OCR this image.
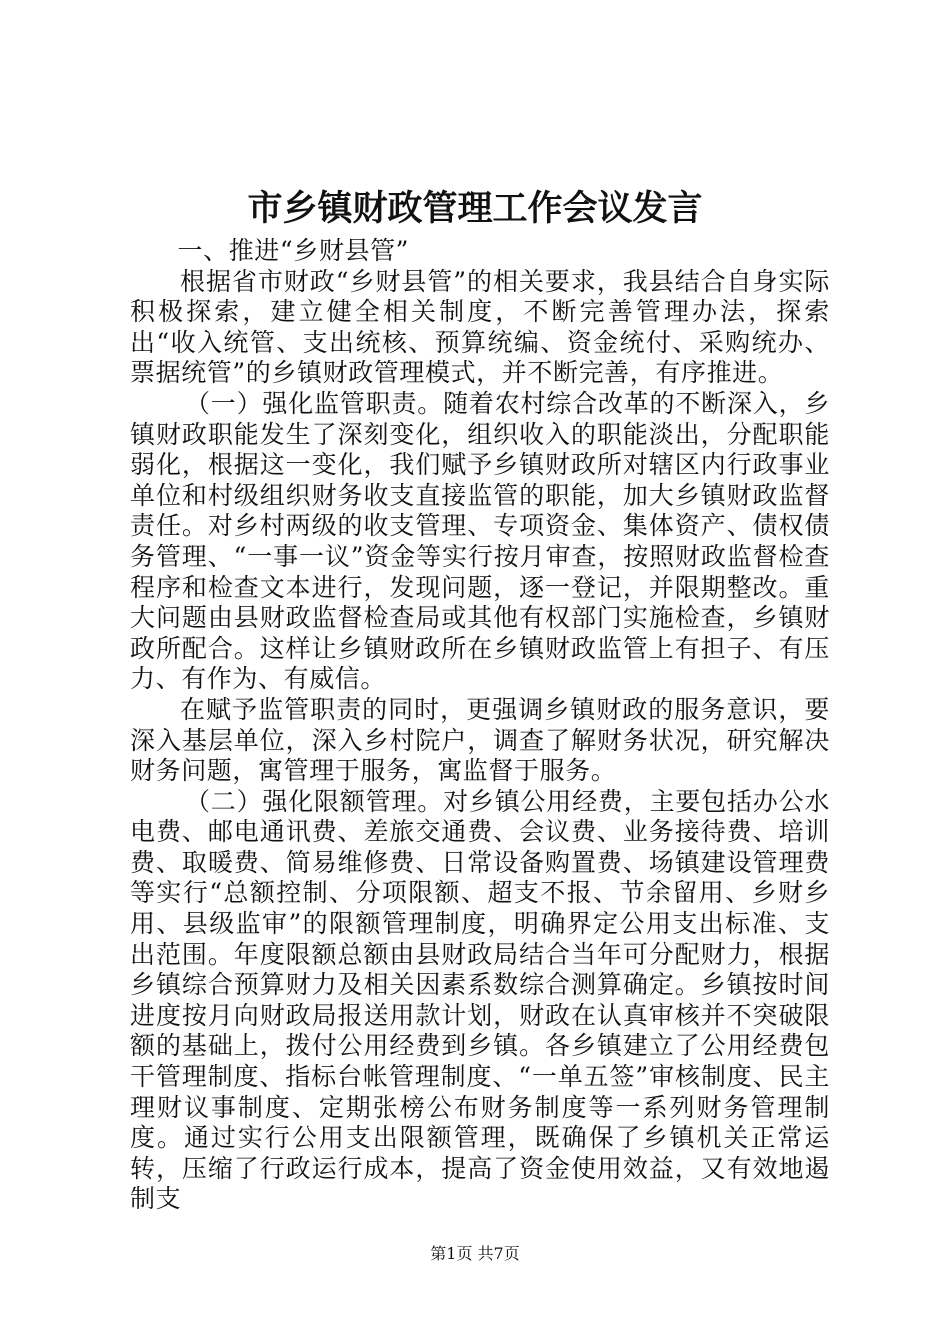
市乡镇财政管理工作会议发言

一、推进“乡财县管”

根据省市财政“乡财县管”的相关要求，我县结合自身实际积极探索，建立健全相关制度，不断完善管理办法，探索出“收入统管、支出统核、预算统编、资金统付、采购统办、票据统管”的乡镇财政管理模式，并不断完善，有序推进。

（一）强化监管职责。随着农村综合改革的不断深入，乡镇财政职能发生了深刻变化，组织收入的职能淡出，分配职能弱化，根据这一变化，我们赋予乡镇财政所对辖区内行政事业单位和村级组织财务收支直接监管的职能，加大乡镇财政监督责任。对乡村两级的收支管理、专项资金、集体资产、债权债务管理、“一事一议”资金等实行按月审查，按照财政监督检查程序和检查文本进行，发现问题，逐一登记，并限期整改。重大问题由县财政监督检查局或其他有权部门实施检查，乡镇财政所配合。这样让乡镇财政所在乡镇财政监管上有担子、有压力、有作为、有威信。

在赋予监管职责的同时，更强调乡镇财政的服务意识，要深入基层单位，深入乡村院户，调查了解财务状况，研究解决财务问题，寓管理于服务，寓监督于服务。

（二）强化限额管理。对乡镇公用经费，主要包括办公水电费、邮电通讯费、差旅交通费、会议费、业务接待费、培训费、取暖费、简易维修费、日常设备购置费、场镇建设管理费等实行“总额控制、分项限额、超支不报、节余留用、乡财乡用、县级监审”的限额管理制度，明确界定公用支出标准、支出范围。年度限额总额由县财政局结合当年可分配财力，根据乡镇综合预算财力及相关因素系数综合测算确定。乡镇按时间进度按月向财政局报送用款计划，财政在认真审核并不突破限额的基础上，拨付公用经费到乡镇。各乡镇建立了公用经费包干管理制度、指标台帐管理制度、“一单五签”审核制度、民主理财议事制度、定期张榜公布财务制度等一系列财务管理制度。通过实行公用支出限额管理，既确保了乡镇机关正常运转，压缩了行政运行成本，提高了资金使用效益，又有效地遏制支

第1页 共7页
